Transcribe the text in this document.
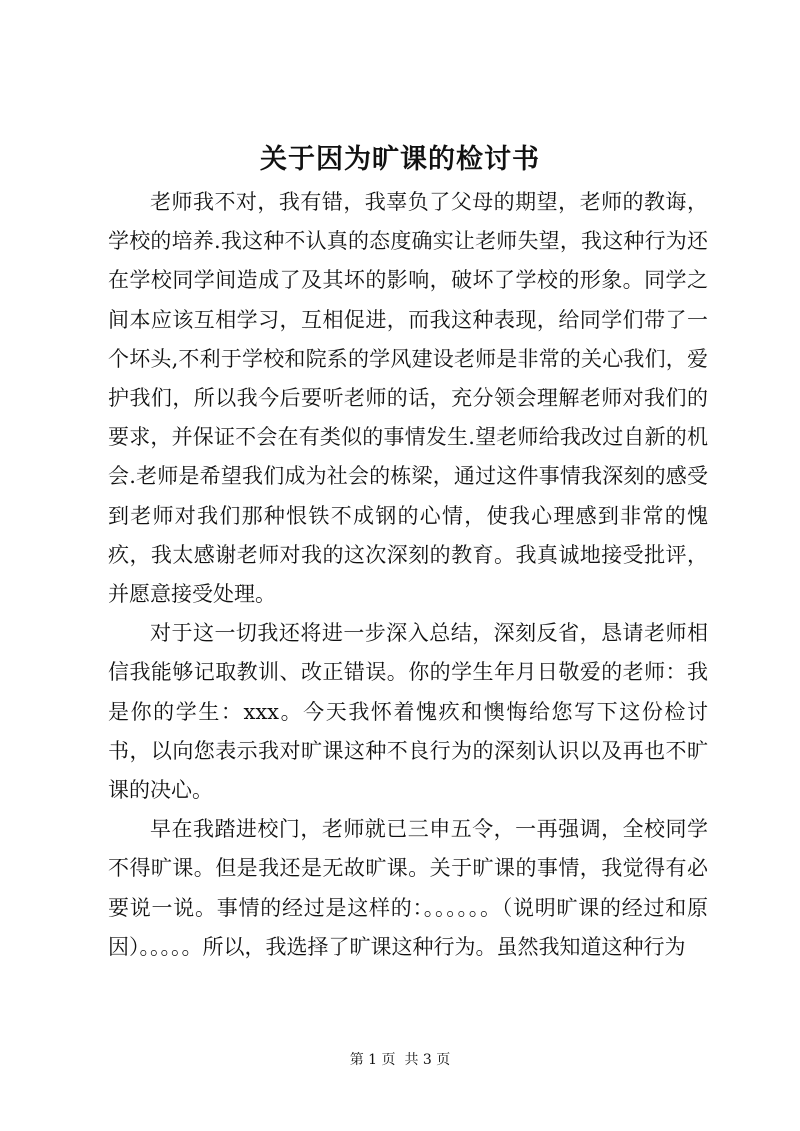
关于因为旷课的检讨书

老师我不对，我有错，我辜负了父母的期望，老师的教诲，学校的培养.我这种不认真的态度确实让老师失望，我这种行为还在学校同学间造成了及其坏的影响，破坏了学校的形象。同学之间本应该互相学习，互相促进，而我这种表现，给同学们带了一个坏头,不利于学校和院系的学风建设老师是非常的关心我们，爱护我们，所以我今后要听老师的话，充分领会理解老师对我们的要求，并保证不会在有类似的事情发生.望老师给我改过自新的机会.老师是希望我们成为社会的栋梁，通过这件事情我深刻的感受到老师对我们那种恨铁不成钢的心情，使我心理感到非常的愧疚，我太感谢老师对我的这次深刻的教育。我真诚地接受批评，并愿意接受处理。

对于这一切我还将进一步深入总结，深刻反省，恳请老师相信我能够记取教训、改正错误。你的学生年月日敬爱的老师：我是你的学生：xxx。今天我怀着愧疚和懊悔给您写下这份检讨书，以向您表示我对旷课这种不良行为的深刻认识以及再也不旷课的决心。

早在我踏进校门，老师就已三申五令，一再强调，全校同学不得旷课。但是我还是无故旷课。关于旷课的事情，我觉得有必要说一说。事情的经过是这样的：。。。。。。（说明旷课的经过和原因）。。。。。所以，我选择了旷课这种行为。虽然我知道这种行为

第 1 页  共 3 页
